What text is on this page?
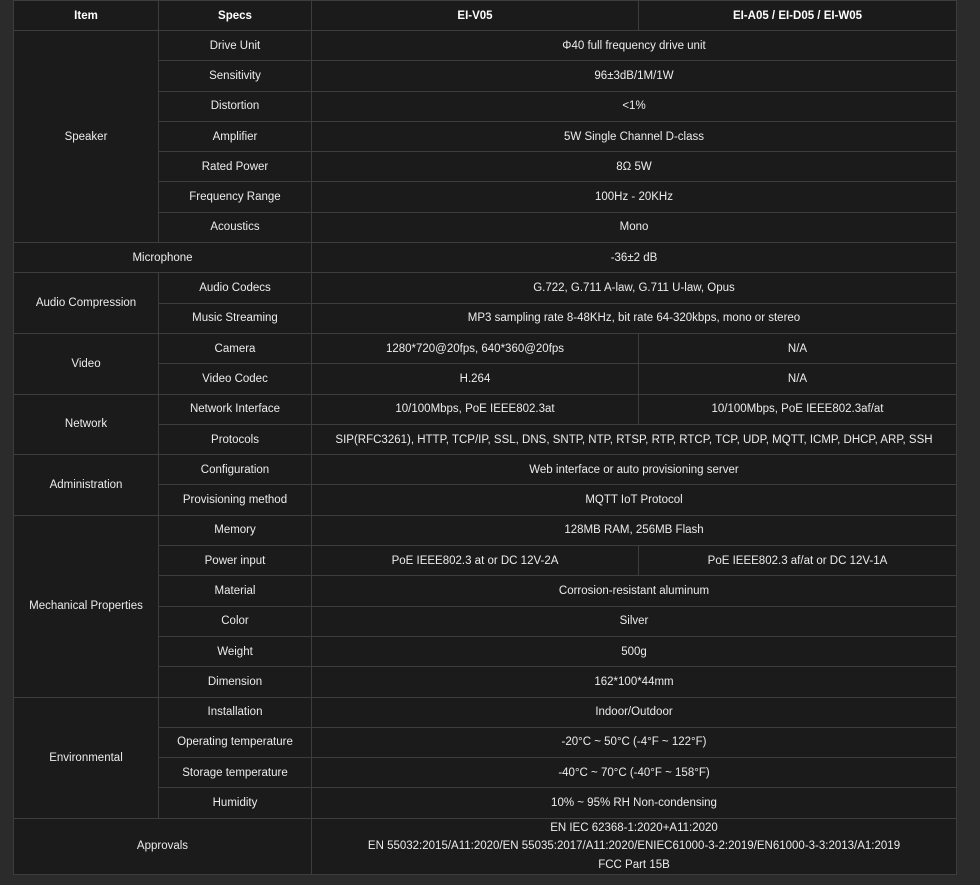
Item	Specs	EI-V05	EI-A05 / EI-D05 / EI-W05
Speaker	Drive Unit	Φ40 full frequency drive unit	
	Sensitivity	96±3dB/1M/1W	
	Distortion	<1%	
	Amplifier	5W Single Channel D-class	
	Rated Power	8Ω 5W	
	Frequency Range	100Hz - 20KHz	
	Acoustics	Mono	
Microphone		-36±2 dB	
Audio Compression	Audio Codecs	G.722, G.711 A-law, G.711 U-law, Opus	
	Music Streaming	MP3 sampling rate 8-48KHz, bit rate 64-320kbps, mono or stereo	
Video	Camera	1280*720@20fps, 640*360@20fps	N/A
	Video Codec	H.264	N/A
Network	Network Interface	10/100Mbps, PoE IEEE802.3at	10/100Mbps, PoE IEEE802.3af/at
	Protocols	SIP(RFC3261), HTTP, TCP/IP, SSL, DNS, SNTP, NTP, RTSP, RTP, RTCP, TCP, UDP, MQTT, ICMP, DHCP, ARP, SSH	
Administration	Configuration	Web interface or auto provisioning server	
	Provisioning method	MQTT IoT Protocol	
Mechanical Properties	Memory	128MB RAM, 256MB Flash	
	Power input	PoE IEEE802.3 at or DC 12V-2A	PoE IEEE802.3 af/at or DC 12V-1A
	Material	Corrosion-resistant aluminum	
	Color	Silver	
	Weight	500g	
	Dimension	162*100*44mm	
Environmental	Installation	Indoor/Outdoor	
	Operating temperature	-20°C ~ 50°C (-4°F ~ 122°F)	
	Storage temperature	-40°C ~ 70°C (-40°F ~ 158°F)	
	Humidity	10% ~ 95% RH Non-condensing	
Approvals		EN IEC 62368-1:2020+A11:2020
EN 55032:2015/A11:2020/EN 55035:2017/A11:2020/ENIEC61000-3-2:2019/EN61000-3-3:2013/A1:2019
FCC Part 15B	
